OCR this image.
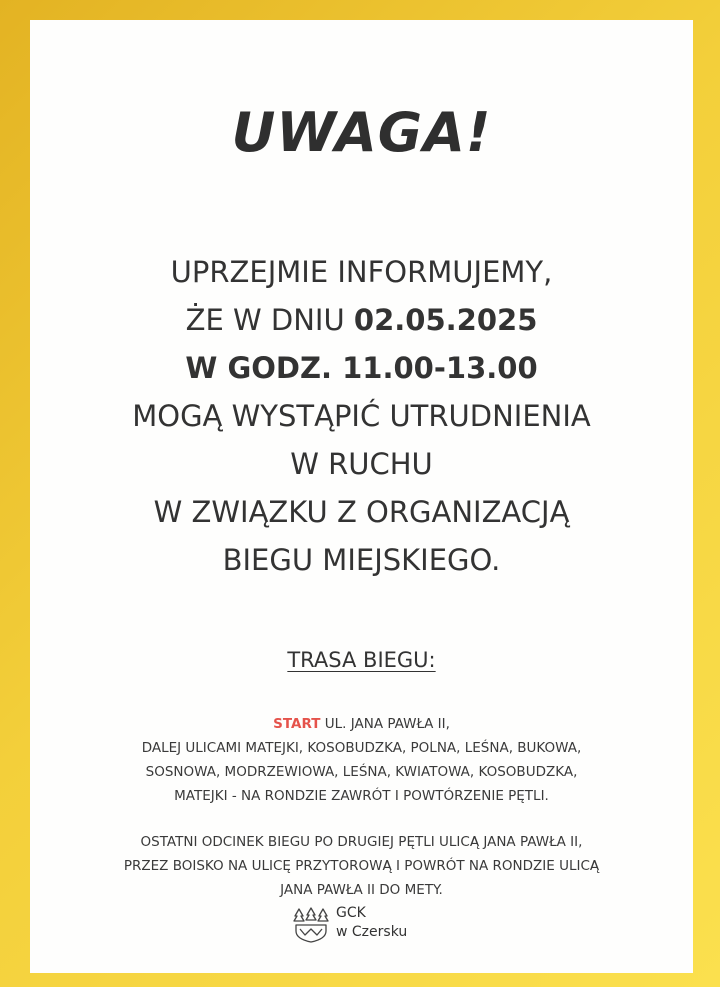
UWAGA!
UPRZEJMIE INFORMUJEMY,
ŻE W DNIU 02.05.2025
W GODZ. 11.00-13.00
MOGĄ WYSTĄPIĆ UTRUDNIENIA
W RUCHU
W ZWIĄZKU Z ORGANIZACJĄ
BIEGU MIEJSKIEGO.
TRASA BIEGU:
START UL. JANA PAWŁA II,
DALEJ ULICAMI MATEJKI, KOSOBUDZKA, POLNA, LEŚNA, BUKOWA,
SOSNOWA, MODRZEWIOWA, LEŚNA, KWIATOWA, KOSOBUDZKA,
MATEJKI - NA RONDZIE ZAWRÓT I POWTÓRZENIE PĘTLI.
OSTATNI ODCINEK BIEGU PO DRUGIEJ PĘTLI ULICĄ JANA PAWŁA II,
PRZEZ BOISKO NA ULICĘ PRZYTOROWĄ I POWRÓT NA RONDZIE ULICĄ
JANA PAWŁA II DO METY.
GCK
w Czersku
